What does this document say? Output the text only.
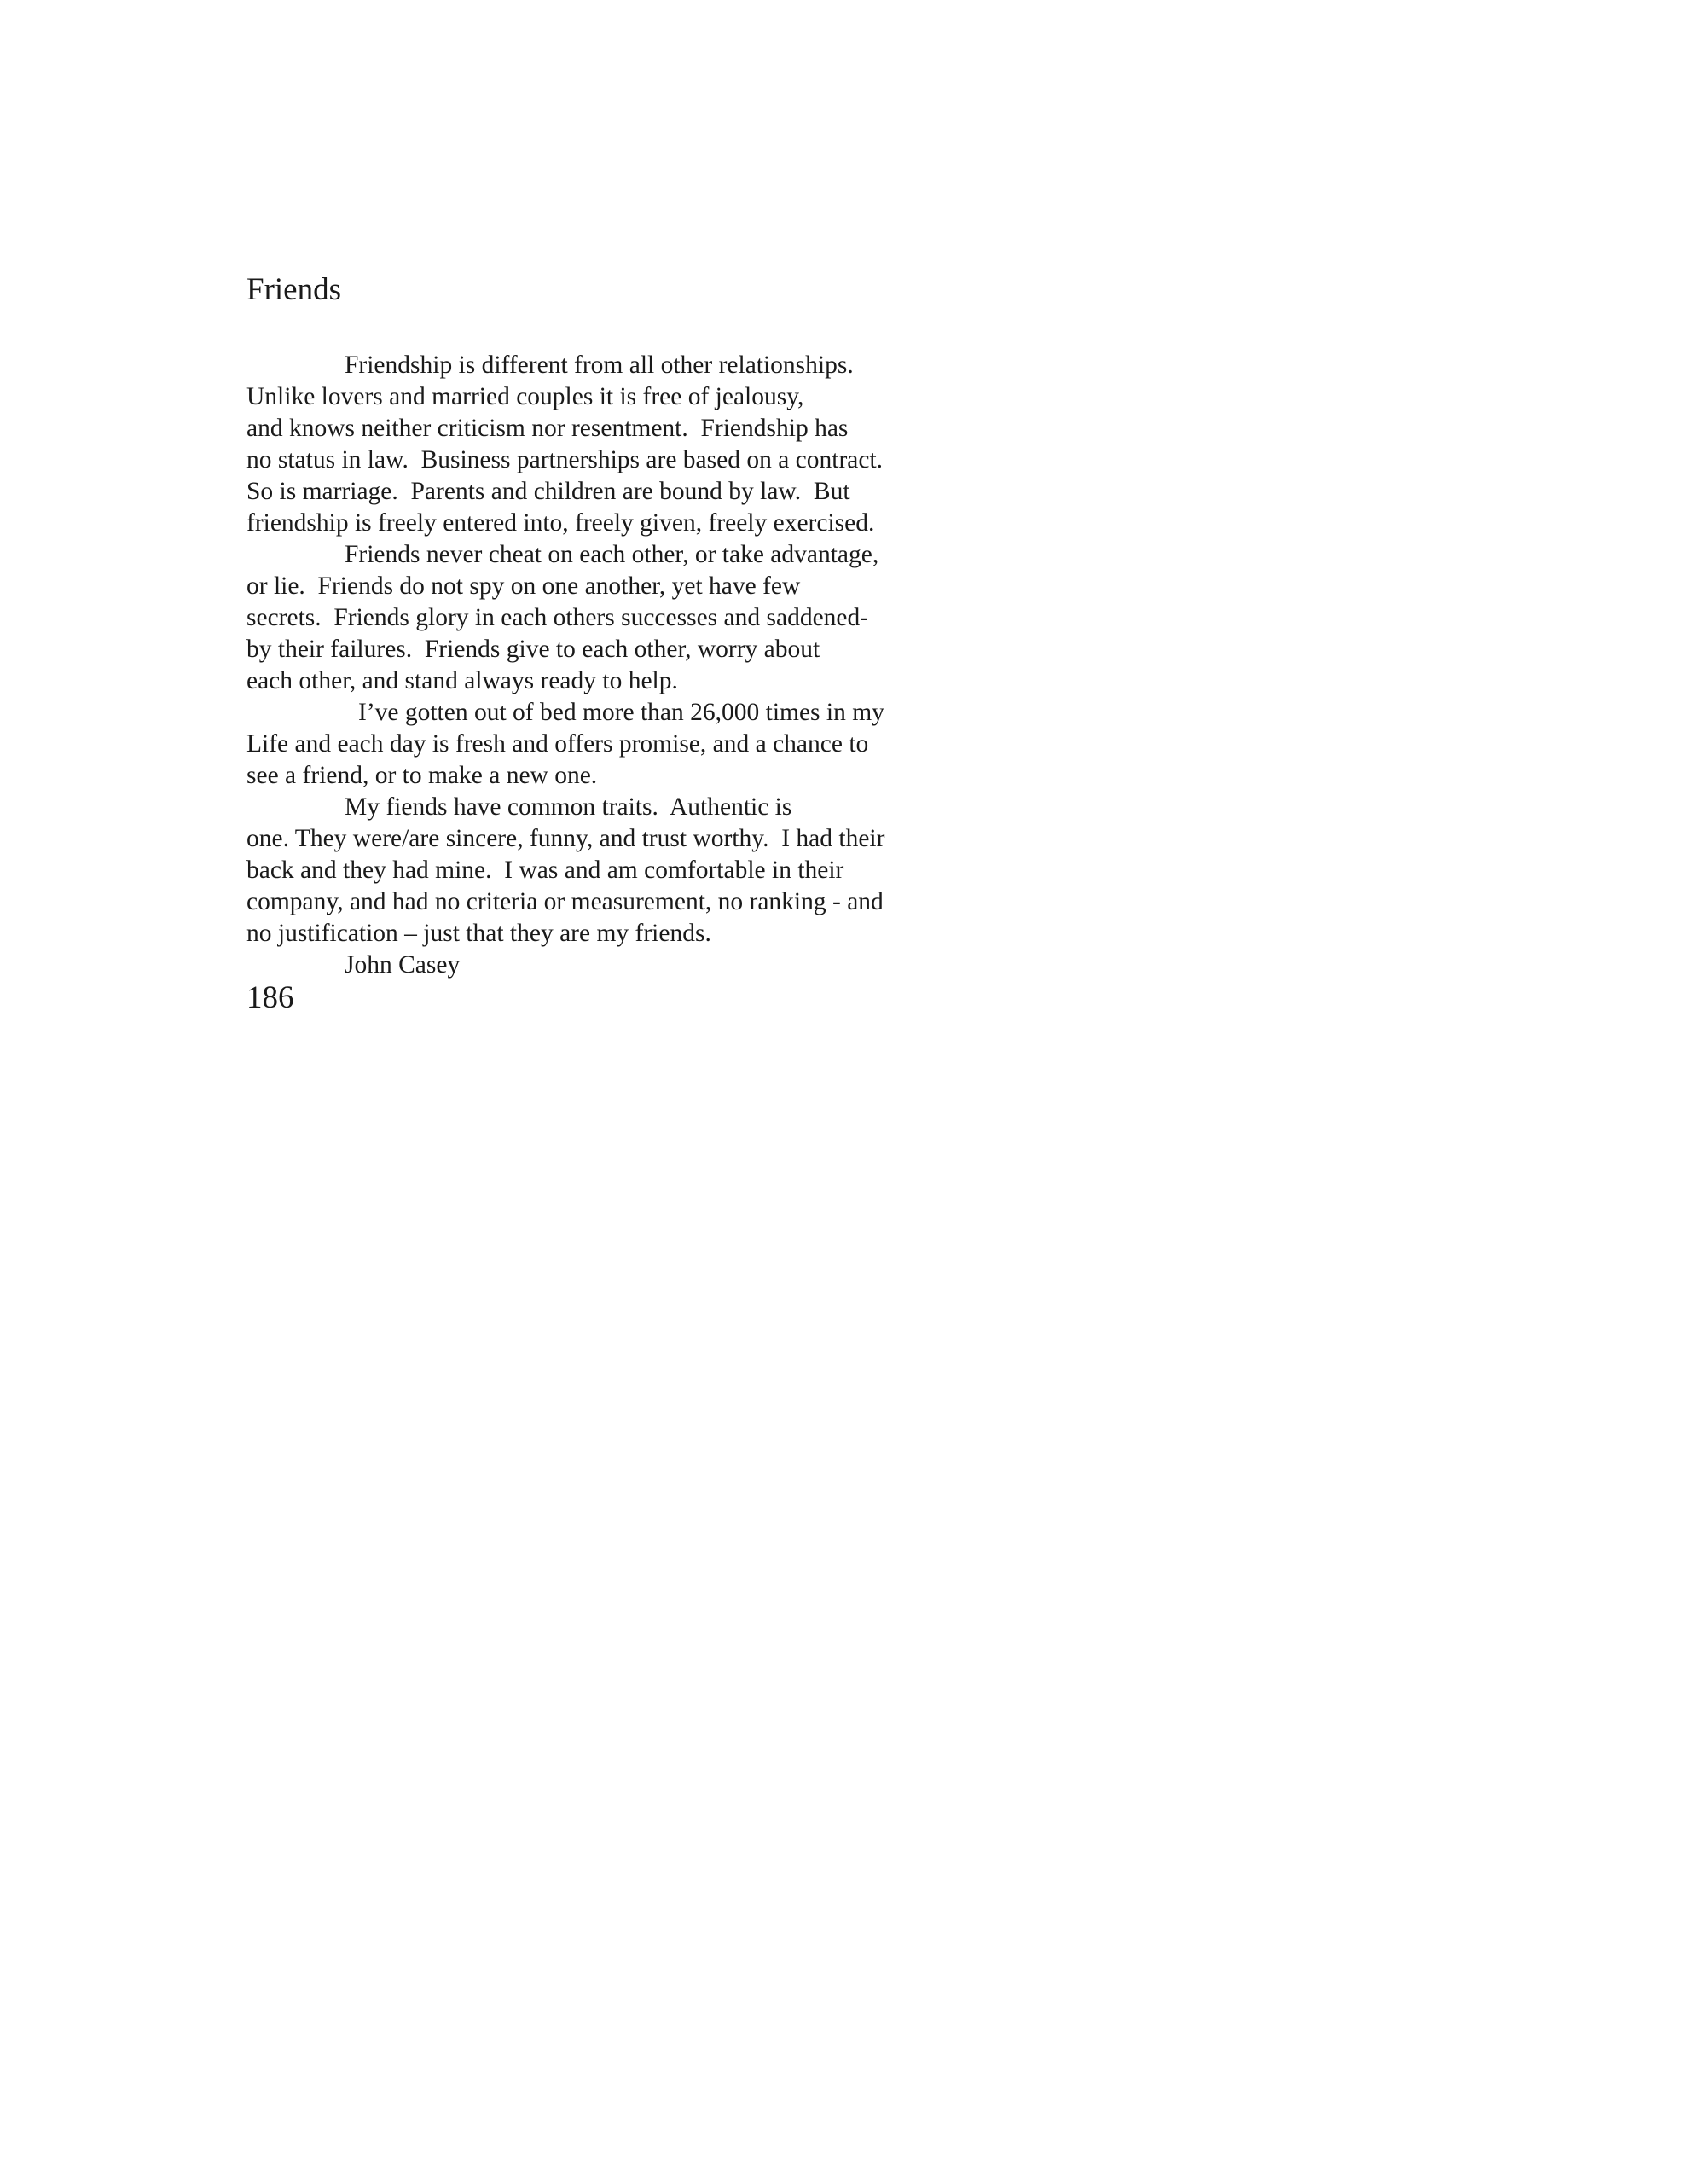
Friends
Friendship is different from all other relationships.
Unlike lovers and married couples it is free of jealousy,
and knows neither criticism nor resentment.  Friendship has
no status in law.  Business partnerships are based on a contract.
So is marriage.  Parents and children are bound by law.  But
friendship is freely entered into, freely given, freely exercised.
Friends never cheat on each other, or take advantage,
or lie.  Friends do not spy on one another, yet have few
secrets.  Friends glory in each others successes and saddened-
by their failures.  Friends give to each other, worry about
each other, and stand always ready to help.
I’ve gotten out of bed more than 26,000 times in my
Life and each day is fresh and offers promise, and a chance to
see a friend, or to make a new one.
My fiends have common traits.  Authentic is
one. They were/are sincere, funny, and trust worthy.  I had their
back and they had mine.  I was and am comfortable in their
company, and had no criteria or measurement, no ranking - and
no justification – just that they are my friends.
John Casey
186
